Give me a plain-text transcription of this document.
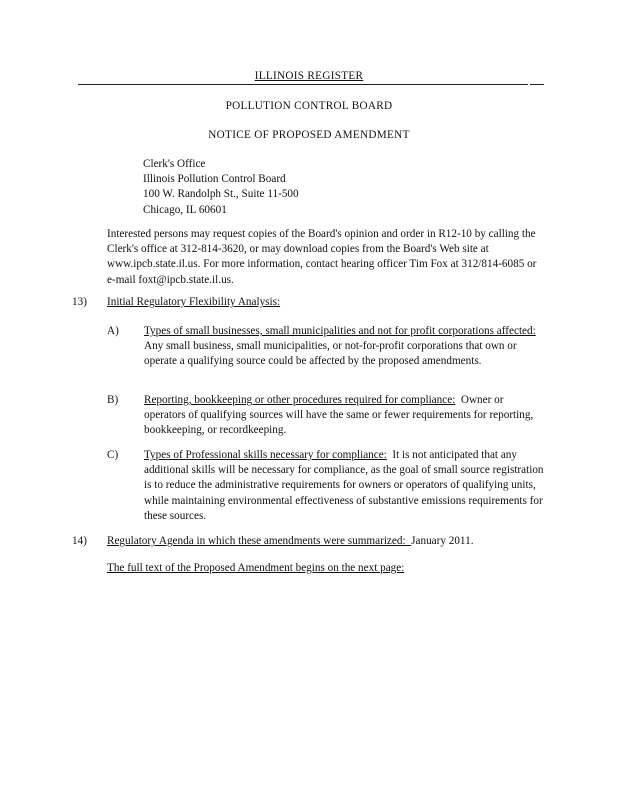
ILLINOIS REGISTER
POLLUTION CONTROL BOARD
NOTICE OF PROPOSED AMENDMENT
Clerk's Office
Illinois Pollution Control Board
100 W. Randolph St., Suite 11-500
Chicago, IL 60601
Interested persons may request copies of the Board's opinion and order in R12-10 by calling the Clerk's office at 312-814-3620, or may download copies from the Board's Web site at www.ipcb.state.il.us. For more information, contact hearing officer Tim Fox at 312/814-6085 or e-mail foxt@ipcb.state.il.us.
13) Initial Regulatory Flexibility Analysis:
A) Types of small businesses, small municipalities and not for profit corporations affected:  Any small business, small municipalities, or not-for-profit corporations that own or operate a qualifying source could be affected by the proposed amendments.
B) Reporting, bookkeeping or other procedures required for compliance: Owner or operators of qualifying sources will have the same or fewer requirements for reporting, bookkeeping, or recordkeeping.
C) Types of Professional skills necessary for compliance: It is not anticipated that any additional skills will be necessary for compliance, as the goal of small source registration is to reduce the administrative requirements for owners or operators of qualifying units, while maintaining environmental effectiveness of substantive emissions requirements for these sources.
14) Regulatory Agenda in which these amendments were summarized: January 2011.
The full text of the Proposed Amendment begins on the next page:
